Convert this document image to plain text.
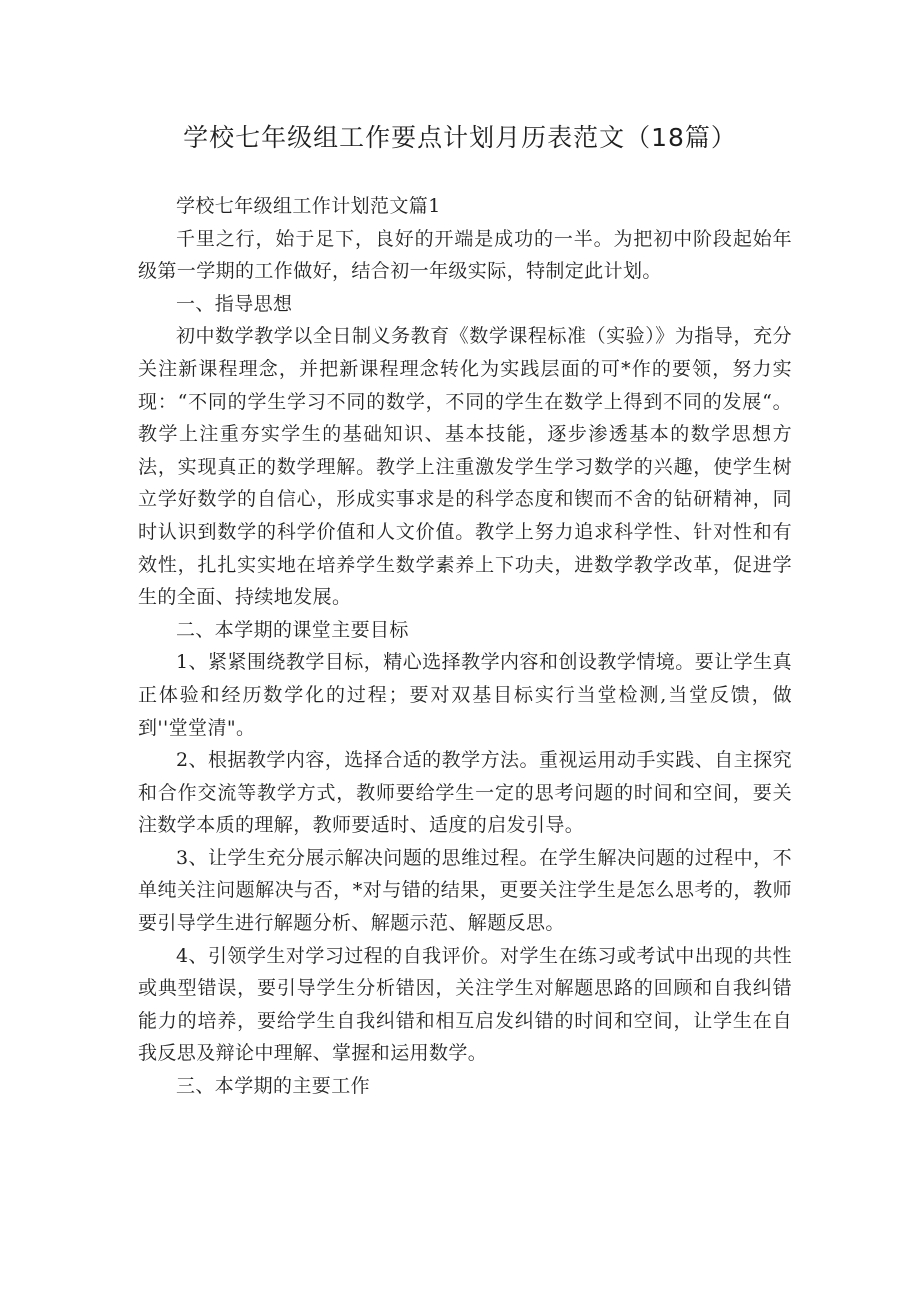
学校七年级组工作要点计划月历表范文（18篇）

学校七年级组工作计划范文篇1

千里之行，始于足下，良好的开端是成功的一半。为把初中阶段起始年级第一学期的工作做好，结合初一年级实际，特制定此计划。

一、指导思想

初中数学教学以全日制义务教育《数学课程标准（实验）》为指导，充分关注新课程理念，并把新课程理念转化为实践层面的可*作的要领，努力实现：“不同的学生学习不同的数学，不同的学生在数学上得到不同的发展“。教学上注重夯实学生的基础知识、基本技能，逐步渗透基本的数学思想方法，实现真正的数学理解。教学上注重激发学生学习数学的兴趣，使学生树立学好数学的自信心，形成实事求是的科学态度和锲而不舍的钻研精神，同时认识到数学的科学价值和人文价值。教学上努力追求科学性、针对性和有效性，扎扎实实地在培养学生数学素养上下功夫，进数学教学改革，促进学生的全面、持续地发展。

二、本学期的课堂主要目标

1、紧紧围绕教学目标，精心选择教学内容和创设教学情境。要让学生真正体验和经历数学化的过程；要对双基目标实行当堂检测,当堂反馈，做到''堂堂清"。

2、根据教学内容，选择合适的教学方法。重视运用动手实践、自主探究和合作交流等教学方式，教师要给学生一定的思考问题的时间和空间，要关注数学本质的理解，教师要适时、适度的启发引导。

3、让学生充分展示解决问题的思维过程。在学生解决问题的过程中，不单纯关注问题解决与否，*对与错的结果，更要关注学生是怎么思考的，教师要引导学生进行解题分析、解题示范、解题反思。

4、引领学生对学习过程的自我评价。对学生在练习或考试中出现的共性或典型错误，要引导学生分析错因，关注学生对解题思路的回顾和自我纠错能力的培养，要给学生自我纠错和相互启发纠错的时间和空间，让学生在自我反思及辩论中理解、掌握和运用数学。

三、本学期的主要工作
